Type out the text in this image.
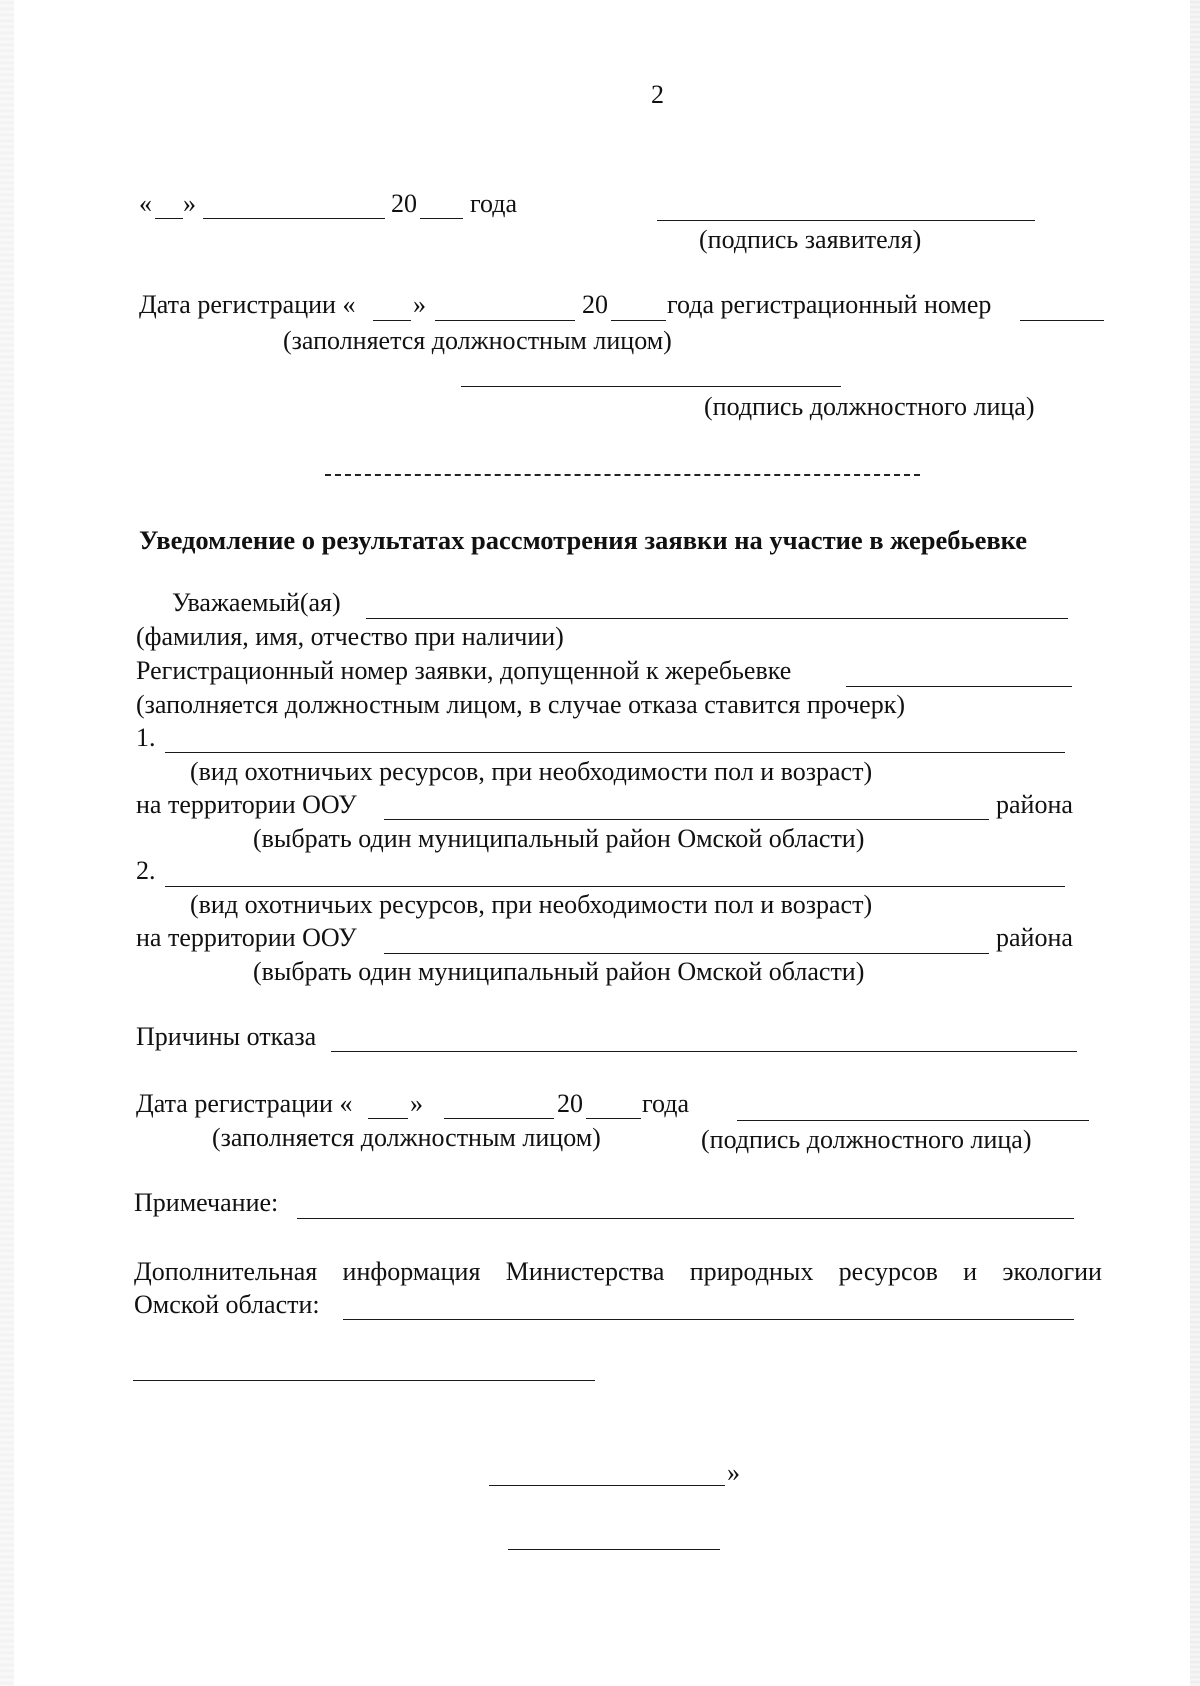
2
« »	20 года
(подпись заявителя)
Дата регистрации « »	20 года регистрационный номер
(заполняется должностным лицом)
(подпись должностного лица)
Уведомление о результатах рассмотрения заявки на участие в жеребьевке
Уважаемый(ая)
(фамилия, имя, отчество при наличии)
Регистрационный номер заявки, допущенной к жеребьевке
(заполняется должностным лицом, в случае отказа ставится прочерк)
1.
(вид охотничьих ресурсов, при необходимости пол и возраст)
на территории ООУ	района
(выбрать один муниципальный район Омской области)
2.
(вид охотничьих ресурсов, при необходимости пол и возраст)
на территории ООУ	района
(выбрать один муниципальный район Омской области)
Причины отказа
Дата регистрации « »	20 года
(заполняется должностным лицом)	(подпись должностного лица)
Примечание:
Дополнительная информация Министерства природных ресурсов и экологии
Омской области:
»
